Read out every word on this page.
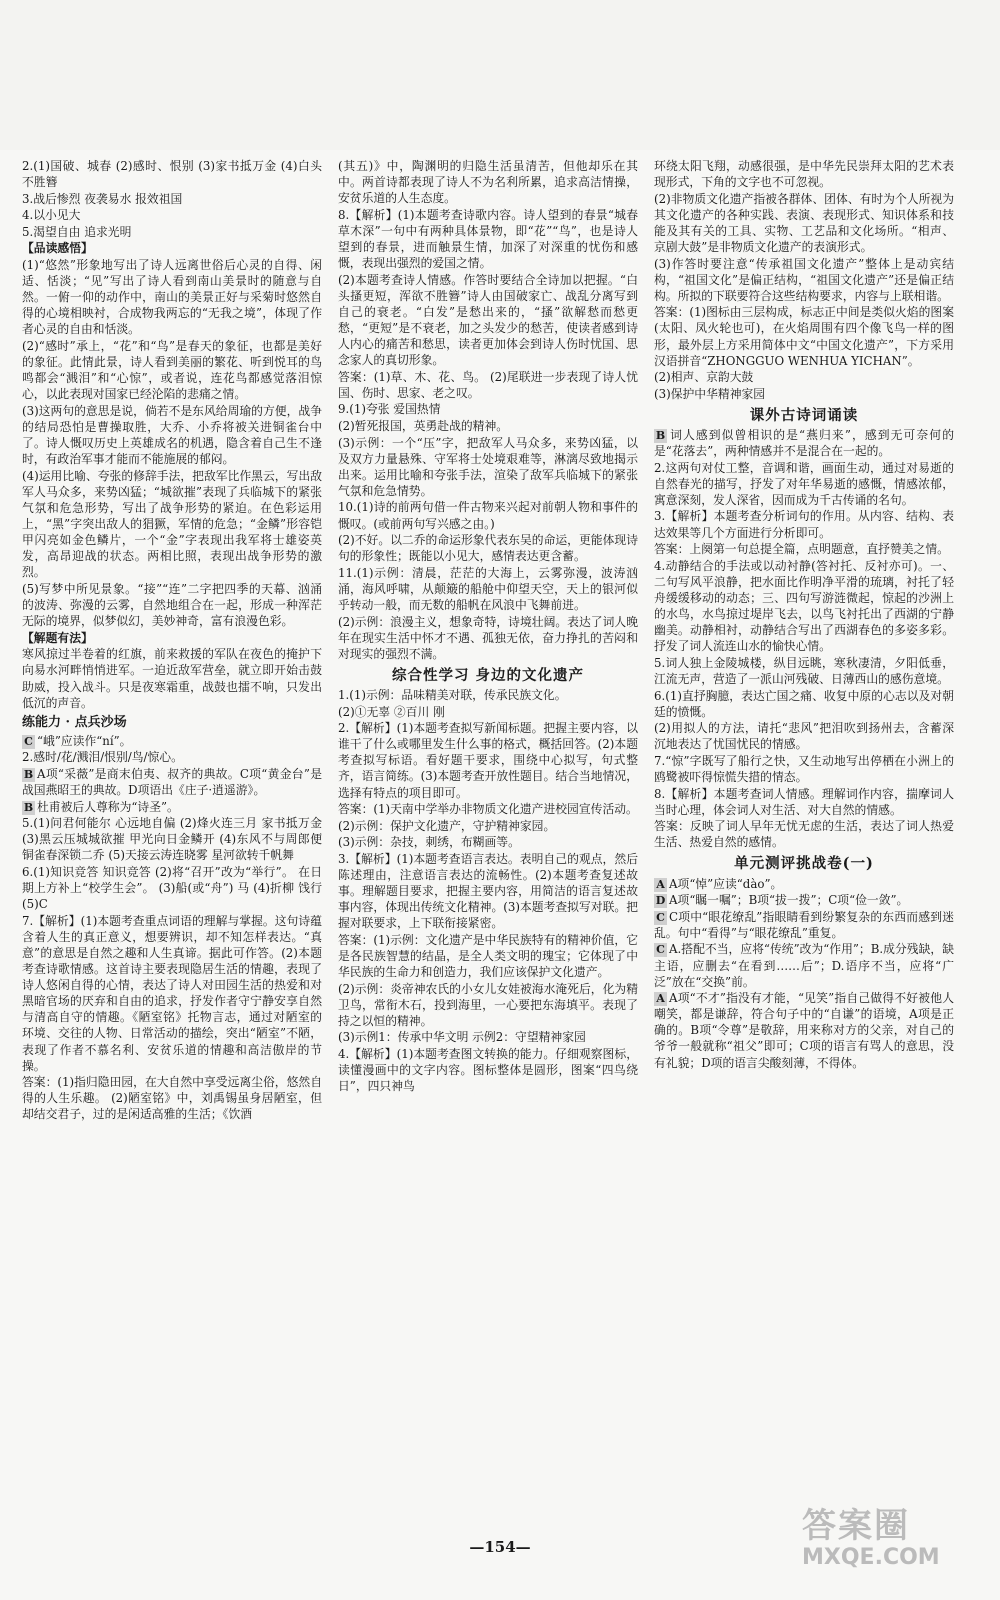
2.(1)国破、城春 (2)感时、恨别 (3)家书抵万金 (4)白头不胜簪

3.战后惨烈 夜袭易水 报效祖国

4.以小见大

5.渴望自由 追求光明

【品读感悟】

(1)“悠然”形象地写出了诗人远离世俗后心灵的自得、闲适、恬淡；“见”写出了诗人看到南山美景时的随意与自然。一俯一仰的动作中，南山的美景正好与采菊时悠然自得的心境相映衬，合成物我两忘的“无我之境”，体现了作者心灵的自由和恬淡。

(2)“感时”承上，“花”和“鸟”是春天的象征，也都是美好的象征。此情此景，诗人看到美丽的繁花、听到悦耳的鸟鸣都会“溅泪”和“心惊”，或者说，连花鸟都感觉落泪惊心，以此表现对国家已经沦陷的悲痛之情。

(3)这两句的意思是说，倘若不是东风给周瑜的方便，战争的结局恐怕是曹操取胜，大乔、小乔将被关进铜雀台中了。诗人慨叹历史上英雄成名的机遇，隐含着自己生不逢时，有政治军事才能而不能施展的郁闷。

(4)运用比喻、夸张的修辞手法，把敌军比作黑云，写出敌军人马众多，来势凶猛；“城欲摧”表现了兵临城下的紧张气氛和危急形势，写出了战争形势的紧迫。在色彩运用上，“黑”字突出敌人的猖獗，军情的危急；“金鳞”形容铠甲闪亮如金色鳞片，一个“金”字表现出我军将士雄姿英发，高昂迎战的状态。两相比照，表现出战争形势的激烈。

(5)写梦中所见景象。“接”“连”二字把四季的天幕、汹涌的波涛、弥漫的云雾，自然地组合在一起，形成一种浑茫无际的境界，似梦似幻，美妙神奇，富有浪漫色彩。

【解题有法】

寒风掠过半卷着的红旗，前来救援的军队在夜色的掩护下向易水河畔悄悄进军。一迫近敌军营垒，就立即开始击鼓助威，投入战斗。只是夜寒霜重，战鼓也擂不响，只发出低沉的声音。

练能力 · 点兵沙场

C “峨”应读作“ní”。

2.感时/花/溅泪/恨别/鸟/惊心。

B A项“采薇”是商末伯夷、叔齐的典故。C项“黄金台”是战国燕昭王的典故。D项语出《庄子·逍遥游》。

B 杜甫被后人尊称为“诗圣”。

5.(1)问君何能尔 心远地自偏 (2)烽火连三月 家书抵万金 (3)黑云压城城欲摧 甲光向日金鳞开 (4)东风不与周郎便 铜雀春深锁二乔 (5)天接云涛连晓雾 星河欲转千帆舞

6.(1)知识竞答 知识竞答 (2)将“召开”改为“举行”。 在日期上方补上“校学生会”。 (3)船(或“舟”) 马 (4)折柳 饯行 (5)C

7.【解析】(1)本题考查重点词语的理解与掌握。这句诗蕴含着人生的真正意义，想要辨识，却不知怎样表达。“真意”的意思是自然之趣和人生真谛。据此可作答。(2)本题考查诗歌情感。这首诗主要表现隐居生活的情趣，表现了诗人悠闲自得的心情，表达了诗人对田园生活的热爱和对黑暗官场的厌弃和自由的追求，抒发作者守宁静安享自然与清高自守的情趣。《陋室铭》托物言志，通过对陋室的环境、交往的人物、日常活动的描绘，突出“陋室”不陋，表现了作者不慕名利、安贫乐道的情趣和高洁傲岸的节操。

答案：(1)指归隐田园，在大自然中享受远离尘俗，悠然自得的人生乐趣。 (2)陋室铭》中，刘禹锡虽身居陋室，但却结交君子，过的是闲适高雅的生活；《饮酒

(其五)》中，陶渊明的归隐生活虽清苦，但他却乐在其中。两首诗都表现了诗人不为名利所累，追求高洁情操，安贫乐道的人生态度。

8.【解析】(1)本题考查诗歌内容。诗人望到的春景“城春草木深”一句中有两种具体景物，即“花”“鸟”，也是诗人望到的春景，进而触景生情，加深了对深重的忧伤和感慨，表现出强烈的爱国之情。

(2)本题考查诗人情感。作答时要结合全诗加以把握。“白头搔更短，浑欲不胜簪”诗人由国破家亡、战乱分离写到自己的衰老。“白发”是愁出来的，“搔”欲解愁而愁更愁，“更短”是不衰老，加之头发少的愁苦，使读者感到诗人内心的痛苦和愁思，读者更加体会到诗人伤时忧国、思念家人的真切形象。

答案：(1)草、木、花、鸟。 (2)尾联进一步表现了诗人忧国、伤时、思家、老之叹。

9.(1)夸张 爱国热情

(2)暂死报国，英勇赴战的精神。

(3)示例：一个“压”字，把敌军人马众多，来势凶猛，以及双方力量悬殊、守军将士处境艰难等，淋漓尽致地揭示出来。运用比喻和夸张手法，渲染了敌军兵临城下的紧张气氛和危急情势。

10.(1)诗的前两句借一件古物来兴起对前朝人物和事件的慨叹。(或前两句写兴感之由。)

(2)不好。以二乔的命运形象代表东吴的命运，更能体现诗句的形象性；既能以小见大，感情表达更含蓄。

11.(1)示例：清晨，茫茫的大海上，云雾弥漫，波涛汹涌，海风呼啸，从颠簸的船舱中仰望天空，天上的银河似乎转动一般，而无数的船帆在风浪中飞舞前进。

(2)示例：浪漫主义，想象奇特，诗境壮阔。表达了词人晚年在现实生活中怀才不遇、孤独无依，奋力挣扎的苦闷和对现实的强烈不满。

综合性学习 身边的文化遗产

1.(1)示例：品味精美对联，传承民族文化。

(2)①无辜 ②百川 刚

2.【解析】(1)本题考查拟写新闻标题。把握主要内容，以谁干了什么或哪里发生什么事的格式，概括回答。(2)本题考查拟写标语。看好题干要求，围绕中心拟写，句式整齐，语言简练。(3)本题考查开放性题目。结合当地情况，选择有特点的项目即可。

答案：(1)天南中学举办非物质文化遗产进校园宣传活动。

(2)示例：保护文化遗产，守护精神家园。

(3)示例：杂技，刺绣，布糊画等。

3.【解析】(1)本题考查语言表达。表明自己的观点，然后陈述理由，注意语言表达的流畅性。(2)本题考查复述故事。理解题目要求，把握主要内容，用简洁的语言复述故事内容，体现出传统文化精神。(3)本题考查拟写对联。把握对联要求，上下联衔接紧密。

答案：(1)示例：文化遗产是中华民族特有的精神价值，它是各民族智慧的结晶，是全人类文明的瑰宝；它体现了中华民族的生命力和创造力，我们应该保护文化遗产。

(2)示例：炎帝神农氏的小女儿女娃被海水淹死后，化为精卫鸟，常衔木石，投到海里，一心要把东海填平。表现了持之以恒的精神。

(3)示例1：传承中华文明 示例2：守望精神家园

4.【解析】(1)本题考查图文转换的能力。仔细观察图标，读懂漫画中的文字内容。图标整体是圆形，图案“四鸟绕日”，四只神鸟

环绕太阳飞翔，动感很强，是中华先民崇拜太阳的艺术表现形式，下角的文字也不可忽视。

(2)非物质文化遗产指被各群体、团体、有时为个人所视为其文化遗产的各种实践、表演、表现形式、知识体系和技能及其有关的工具、实物、工艺品和文化场所。“相声、京剧大鼓”是非物质文化遗产的表演形式。

(3)作答时要注意“传承祖国文化遗产”整体上是动宾结构，“祖国文化”是偏正结构，“祖国文化遗产”还是偏正结构。所拟的下联要符合这些结构要求，内容与上联相谐。

答案：(1)图标由三层构成，标志正中间是类似火焰的图案(太阳、凤火轮也可)，在火焰周围有四个像飞鸟一样的图形，最外层上方采用简体中文“中国文化遗产”，下方采用汉语拼音“ZHONGGUO WENHUA YICHAN”。

(2)相声、京韵大鼓

(3)保护中华精神家园

课外古诗词诵读

B 词人感到似曾相识的是“燕归来”，感到无可奈何的是“花落去”，两种情感并不是混合在一起的。

2.这两句对仗工整，音调和谐，画面生动，通过对易逝的自然春光的描写，抒发了对年华易逝的感慨，情感浓郁，寓意深刻，发人深省，因而成为千古传诵的名句。

3.【解析】本题考查分析词句的作用。从内容、结构、表达效果等几个方面进行分析即可。

答案：上阕第一句总提全篇，点明题意，直抒赞美之情。

4.动静结合的手法或以动衬静(答衬托、反衬亦可)。一、二句写风平浪静，把水面比作明净平滑的琉璃，衬托了轻舟缓缓移动的动态；三、四句写游涟微起，惊起的沙洲上的水鸟，水鸟掠过堤岸飞去，以鸟飞衬托出了西湖的宁静幽美。动静相衬，动静结合写出了西湖春色的多姿多彩。抒发了词人流连山水的愉快心情。

5.词人独上金陵城楼，纵目远眺，寒秋凄清，夕阳低垂，江流无声，营造了一派山河残破、日薄西山的感伤意境。

6.(1)直抒胸臆，表达亡国之痛、收复中原的心志以及对朝廷的愤慨。

(2)用拟人的方法，请托“悲风”把泪吹到扬州去，含蓄深沉地表达了忧国忧民的情感。

7.“惊”字既写了船行之快，又生动地写出停栖在小洲上的鸥鹭被吓得惊慌失措的情态。

8.【解析】本题考查词人情感。理解词作内容，揣摩词人当时心理，体会词人对生活、对大自然的情感。

答案：反映了词人早年无忧无虑的生活，表达了词人热爱生活、热爱自然的感情。

单元测评挑战卷(一)

A A项“悼”应读“dào”。

D A项“瞩一嘱”；B项“拔一拨”；C项“俭一敛”。

C C项中“眼花缭乱”指眼睛看到纷繁复杂的东西而感到迷乱。句中“看得”与“眼花缭乱”重复。

C A.搭配不当，应将“传统”改为“作用”；B.成分残缺，缺主语，应删去“在看到……后”；D.语序不当，应将“广泛”放在“交换”前。

A A项“不才”指没有才能，“见笑”指自己做得不好被他人嘲笑，都是谦辞，符合句子中的“自谦”的语境，A项是正确的。B项“令尊”是敬辞，用来称对方的父亲，对自己的爷爷一般就称“祖父”即可；C项的语言有骂人的意思，没有礼貌；D项的语言尖酸刻薄，不得体。

—154—
答案圈
MXQE.COM
